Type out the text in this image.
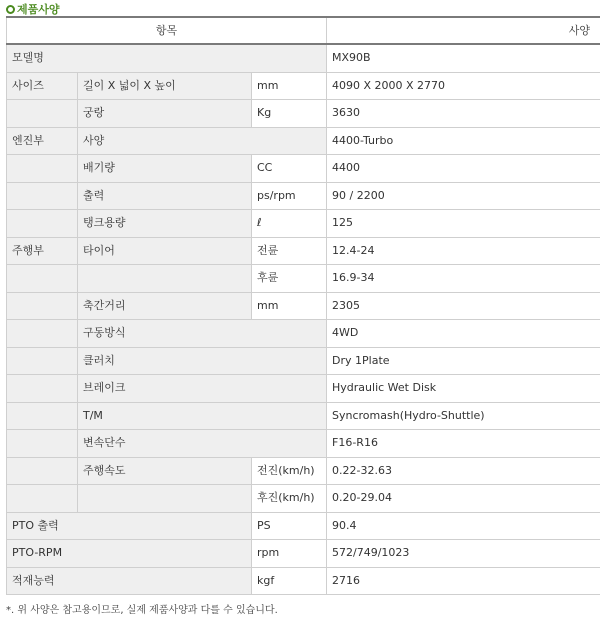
제품사양
항목			사양
모델명			MX90B
사이즈	길이 X 넓이 X 높이	mm	4090 X 2000 X 2770
	궁랑	Kg	3630
엔진부	사양		4400-Turbo
	배기량	CC	4400
	출력	ps/rpm	90 / 2200
	탱크용량	ℓ	125
주행부	타이어	전륜	12.4-24
		후륜	16.9-34
	축간거리	mm	2305
	구동방식		4WD
	클러치		Dry 1Plate
	브레이크		Hydraulic Wet Disk
	T/M		Syncromash(Hydro-Shuttle)
	변속단수		F16-R16
	주행속도	전진(km/h)	0.22-32.63
		후진(km/h)	0.20-29.04
PTO 출력		PS	90.4
PTO-RPM		rpm	572/749/1023
적재능력		kgf	2716
*. 위 사양은 참고용이므로, 실제 제품사양과 다를 수 있습니다.
